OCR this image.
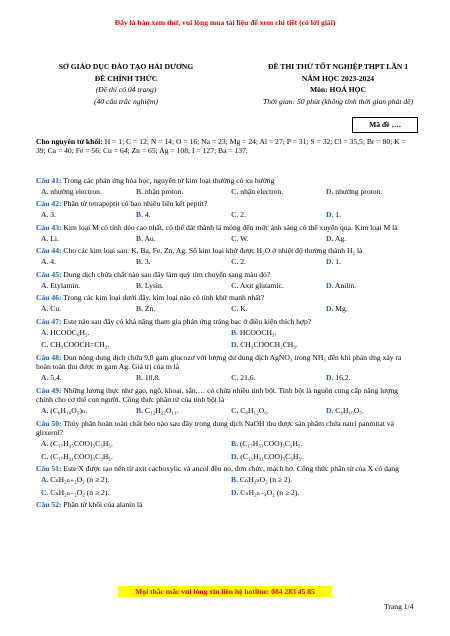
Đây là bản xem thử, vui lòng mua tài liệu để xem chi tiết (có lời giải)
SỞ GIÁO DỤC ĐÀO TẠO HẢI DƯƠNG
ĐỀ CHÍNH THỨC
(Đề thi có 04 trang)
(40 câu trắc nghiệm)
ĐỀ THI THỬ TỐT NGHIỆP THPT LẦN 1
NĂM HỌC 2023-2024
Môn: HOÁ HỌC
Thời gian: 50 phút (không tính thời gian phát đề)
Mã đề ….
Cho nguyên tử khối: H = 1; C = 12; N = 14; O = 16; Na = 23; Mg = 24; Al = 27; P = 31; S = 32; Cl = 35,5; Br = 80; K = 39; Ca = 40; Fe = 56; Cu = 64; Zn = 65; Ag = 108; I = 127; Ba = 137.
Câu 41: Trong các phản ứng hóa học, nguyên tử kim loại thường có xu hướng
A. nhường electron.	B. nhận proton.	C. nhận electron.	D. nhường proton.
Câu 42: Phân tử tetrapeptit có bao nhiêu liên kết peptit?
A. 3.	B. 4.	C. 2.	D. 1.
Câu 43: Kim loại M có tính dẻo cao nhất, có thể dát thành lá mỏng đến mức ánh sáng có thể xuyên qua. Kim loại M là
A. Li.	B. Au.	C. W.	D. Ag.
Câu 44: Cho các kim loại sau: K, Ba, Fe, Zn, Ag. Số kim loại khử được H₂O ở nhiệt độ thường thành H₂ là
A. 4.	B. 3.	C. 2.	D. 1.
Câu 45: Dung dịch chứa chất nào sau đây làm quỳ tím chuyển sang màu đỏ?
A. Etylamin.	B. Lysin.	C. Axit glutamic.	D. Anilin.
Câu 46: Trong các kim loại dưới đây, kim loại nào có tính khử mạnh nhất?
A. Cu.	B. Zn.	C. K.	D. Mg.
Câu 47: Este nào sau đây có khả năng tham gia phản ứng tráng bạc ở điều kiện thích hợp?
A. HCOOC₆H₅.	B. HCOOCH₃.
C. CH₃COOCH=CH₂.	D. CH₃COOCH₂CH₃.
Câu 48: Đun nóng dung dịch chứa 9,0 gam glucozơ với lượng dư dung dịch AgNO₃ trong NH₃ đến khi phản ứng xảy ra hoàn toàn thu được m gam Ag. Giá trị của m là
A. 5,4.	B. 10,8.	C. 21,6.	D. 16,2.
Câu 49: Những lương thực như gạo, ngô, khoai, sắn,… có chứa nhiều tinh bột. Tinh bột là nguồn cung cấp năng lượng chính cho cơ thể con người. Công thức phân tử của tinh bột là
A. (C₆H₁₀O₅)ₙ.	B. C₁₂H₂₂O₁₁.	C. C₆H₁₂O₆.	D. C₆H₁₀O₅.
Câu 50: Thủy phân hoàn toàn chất béo nào sau đây trong dung dịch NaOH thu được sản phẩm chứa natri panmitat và glixerol?
A. (C₁₇H₃₅COO)₃C₃H₅.	B. (C₁₇H₃₃COO)₃C₃H₅.
C. (C₁₇H₃₁COO)₃C₃H₅.	D. (C₁₅H₃₁COO)₃C₃H₅.
Câu 51: Este X được tạo nên từ axit cacboxylic và ancol đều no, đơn chức, mạch hở. Công thức phân tử của X có dạng
A. CₙH₂ₙ₊₂O₂ (n ≥ 2).	B. CₙH₂ₙO₂ (n ≥ 2).
C. CₙH₂ₙ₋₂O₂ (n ≥ 2).	D. CₙH₂ₙ₋₄O₂ (n ≥ 2).
Câu 52: Phân tử khối của alanin là
Mọi thắc mắc vui lòng xin liên hệ hotline: 084 283 45 85
Trang 1/4
